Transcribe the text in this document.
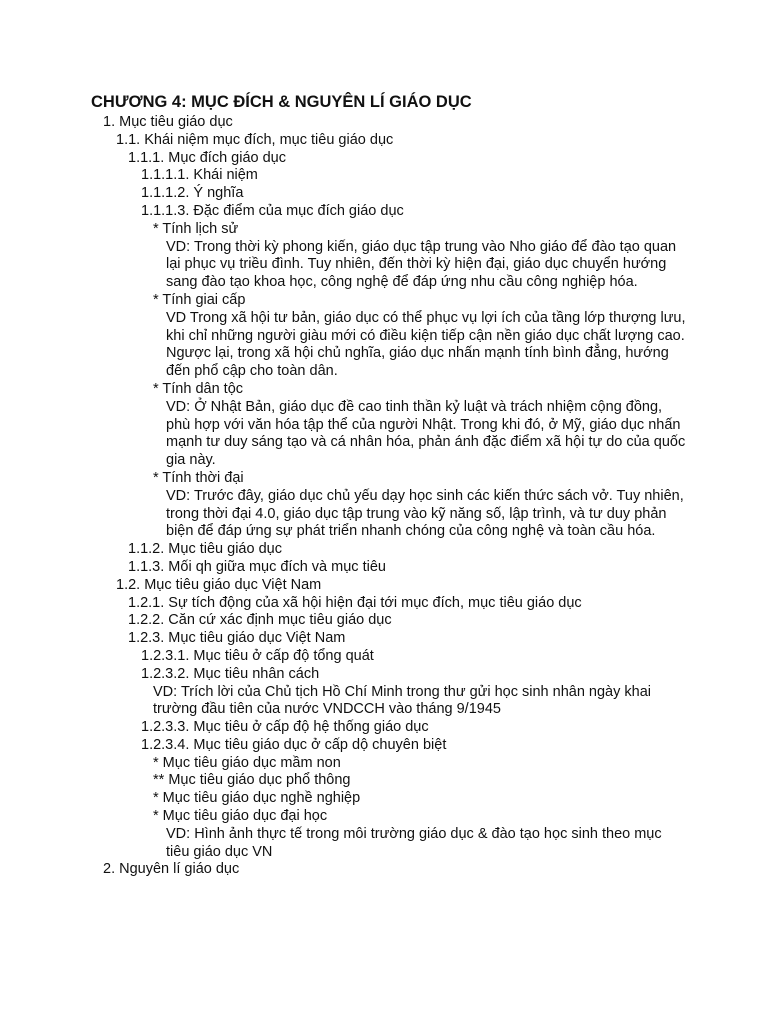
CHƯƠNG 4: MỤC ĐÍCH & NGUYÊN LÍ GIÁO DỤC
1. Mục tiêu giáo dục
1.1. Khái niệm mục đích, mục tiêu giáo dục
1.1.1. Mục đích giáo dục
1.1.1.1. Khái niệm
1.1.1.2. Ý nghĩa
1.1.1.3. Đặc điểm của mục đích giáo dục
* Tính lịch sử
VD: Trong thời kỳ phong kiến, giáo dục tập trung vào Nho giáo để đào tạo quan lại phục vụ triều đình. Tuy nhiên, đến thời kỳ hiện đại, giáo dục chuyển hướng sang đào tạo khoa học, công nghệ để đáp ứng nhu cầu công nghiệp hóa.
* Tính giai cấp
VD Trong xã hội tư bản, giáo dục có thể phục vụ lợi ích của tầng lớp thượng lưu, khi chỉ những người giàu mới có điều kiện tiếp cận nền giáo dục chất lượng cao. Ngược lại, trong xã hội chủ nghĩa, giáo dục nhấn mạnh tính bình đẳng, hướng đến phổ cập cho toàn dân.
* Tính dân tộc
VD: Ở Nhật Bản, giáo dục đề cao tinh thần kỷ luật và trách nhiệm cộng đồng, phù hợp với văn hóa tập thể của người Nhật. Trong khi đó, ở Mỹ, giáo dục nhấn mạnh tư duy sáng tạo và cá nhân hóa, phản ánh đặc điểm xã hội tự do của quốc gia này.
* Tính thời đại
VD: Trước đây, giáo dục chủ yếu dạy học sinh các kiến thức sách vở. Tuy nhiên, trong thời đại 4.0, giáo dục tập trung vào kỹ năng số, lập trình, và tư duy phản biện để đáp ứng sự phát triển nhanh chóng của công nghệ và toàn cầu hóa.
1.1.2. Mục tiêu giáo dục
1.1.3. Mối qh giữa mục đích và mục tiêu
1.2. Mục tiêu giáo dục Việt Nam
1.2.1. Sự tích động của xã hội hiện đại tới mục đích, mục tiêu giáo dục
1.2.2. Căn cứ xác định mục tiêu giáo dục
1.2.3. Mục tiêu giáo dục Việt Nam
1.2.3.1. Mục tiêu ở cấp độ tổng quát
1.2.3.2. Mục tiêu nhân cách
VD: Trích lời của Chủ tịch Hồ Chí Minh trong thư gửi học sinh nhân ngày khai trường đầu tiên của nước VNDCCH vào tháng 9/1945
1.2.3.3. Mục tiêu ở cấp độ hệ thống giáo dục
1.2.3.4. Mục tiêu giáo dục ở cấp dộ chuyên biệt
* Mục tiêu giáo dục mầm non
** Mục tiêu giáo dục phổ thông
* Mục tiêu giáo dục nghề nghiệp
* Mục tiêu giáo dục đại học
VD: Hình ảnh thực tế trong môi trường giáo dục & đào tạo học sinh theo mục tiêu giáo dục VN
2. Nguyên lí giáo dục
